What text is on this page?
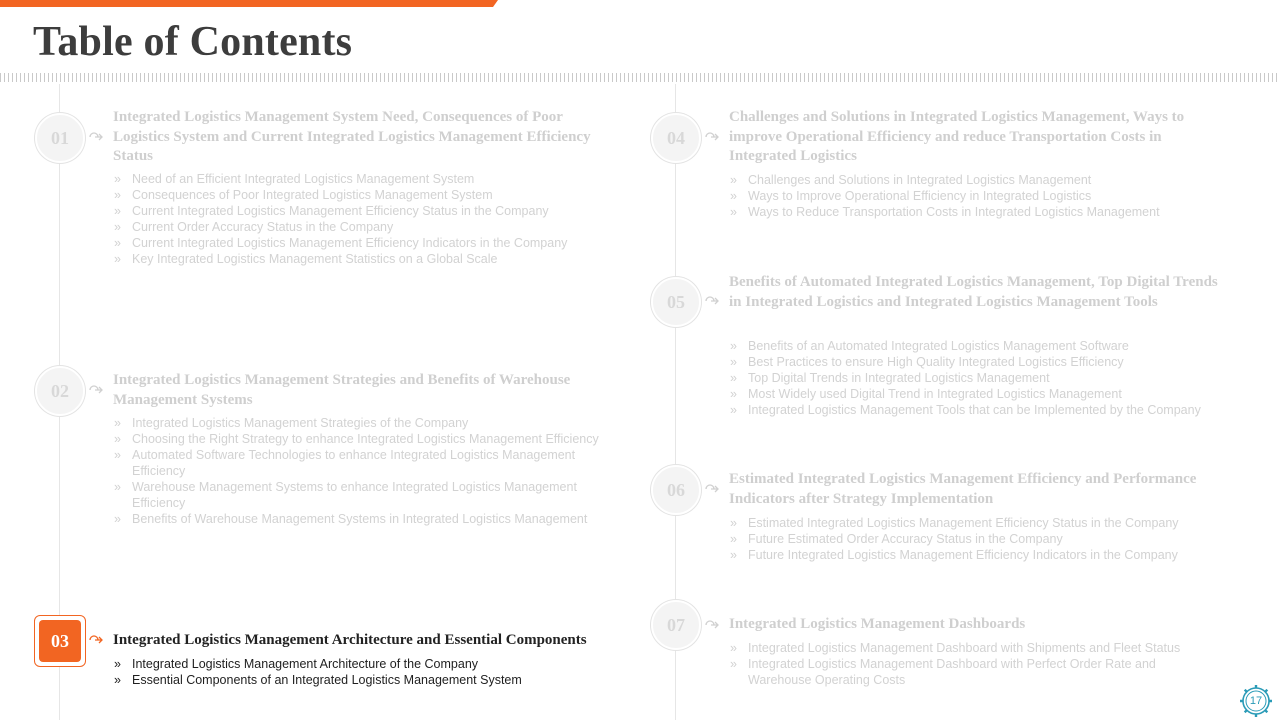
Table of Contents
01
Integrated Logistics Management System Need, Consequences of Poor Logistics System and Current Integrated Logistics Management Efficiency Status
» Need of an Efficient Integrated Logistics Management System
» Consequences of Poor Integrated Logistics Management System
» Current Integrated Logistics Management Efficiency Status in the Company
» Current Order Accuracy Status in the Company
» Current Integrated Logistics Management Efficiency Indicators in the Company
» Key Integrated Logistics Management Statistics on a Global Scale
02
Integrated Logistics Management Strategies and Benefits of Warehouse Management Systems
» Integrated Logistics Management Strategies of the Company
» Choosing the Right Strategy to enhance Integrated Logistics Management Efficiency
» Automated Software Technologies to enhance Integrated Logistics Management Efficiency
» Warehouse Management Systems to enhance Integrated Logistics Management Efficiency
» Benefits of Warehouse Management Systems in Integrated Logistics Management
03	Integrated Logistics Management Architecture and Essential Components
» Integrated Logistics Management Architecture of the Company
» Essential Components of an Integrated Logistics Management System
04
Challenges and Solutions in Integrated Logistics Management, Ways to improve Operational Efficiency and reduce Transportation Costs in Integrated Logistics
» Challenges and Solutions in Integrated Logistics Management
» Ways to Improve Operational Efficiency in Integrated Logistics
» Ways to Reduce Transportation Costs in Integrated Logistics Management
05
Benefits of Automated Integrated Logistics Management, Top Digital Trends in Integrated Logistics and Integrated Logistics Management Tools
» Benefits of an Automated Integrated Logistics Management Software
» Best Practices to ensure High Quality Integrated Logistics Efficiency
» Top Digital Trends in Integrated Logistics Management
» Most Widely used Digital Trend in Integrated Logistics Management
» Integrated Logistics Management Tools that can be Implemented by the Company
06
Estimated Integrated Logistics Management Efficiency and Performance Indicators after Strategy Implementation
» Estimated Integrated Logistics Management Efficiency Status in the Company
» Future Estimated Order Accuracy Status in the Company
» Future Integrated Logistics Management Efficiency Indicators in the Company
07	Integrated Logistics Management Dashboards
» Integrated Logistics Management Dashboard with Shipments and Fleet Status
» Integrated Logistics Management Dashboard with Perfect Order Rate and Warehouse Operating Costs
17
